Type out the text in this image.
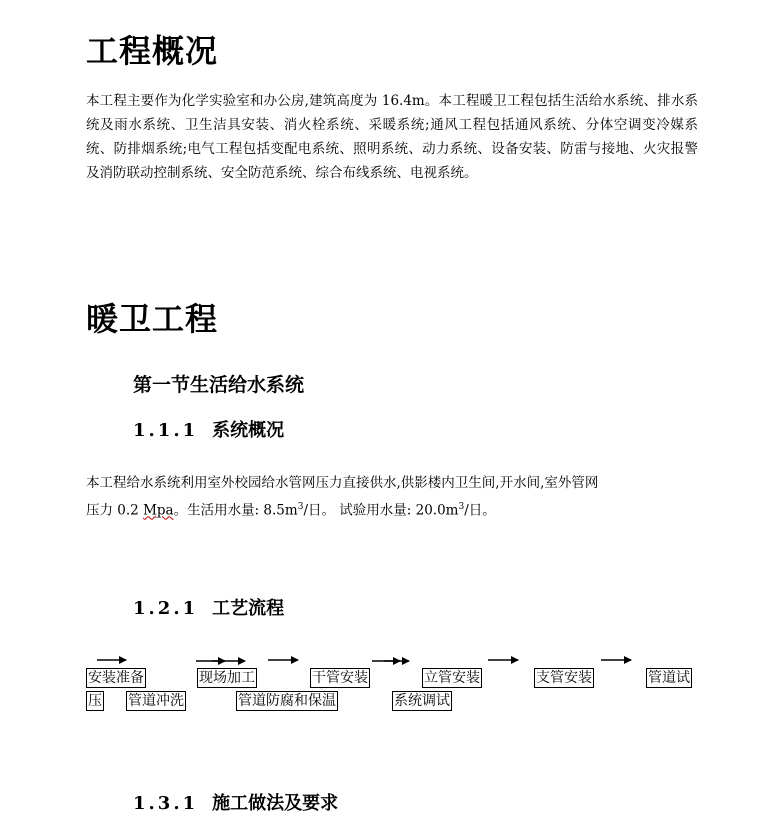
工程概况
本工程主要作为化学实验室和办公房,建筑高度为 16.4m。本工程暖卫工程包括生活给水系统、排水系统及雨水系统、卫生洁具安装、消火栓系统、采暖系统;通风工程包括通风系统、分体空调变冷媒系统、防排烟系统;电气工程包括变配电系统、照明系统、动力系统、设备安装、防雷与接地、火灾报警及消防联动控制系统、安全防范系统、综合布线系统、电视系统。
暖卫工程
第一节生活给水系统
1.1.1 系统概况
本工程给水系统利用室外校园给水管网压力直接供水,供影楼内卫生间,开水间,室外管网
压力 0.2 Mpa。生活用水量: $8.5m^3/$日。 试验用水量: $20.0m^3/$日。
1.2.1 工艺流程
安装准备	现场加工	干管安装	立管安装	支管安装	管道试
压 管道冲洗	管道防腐和保温	系统调试
1.3.1 施工做法及要求
